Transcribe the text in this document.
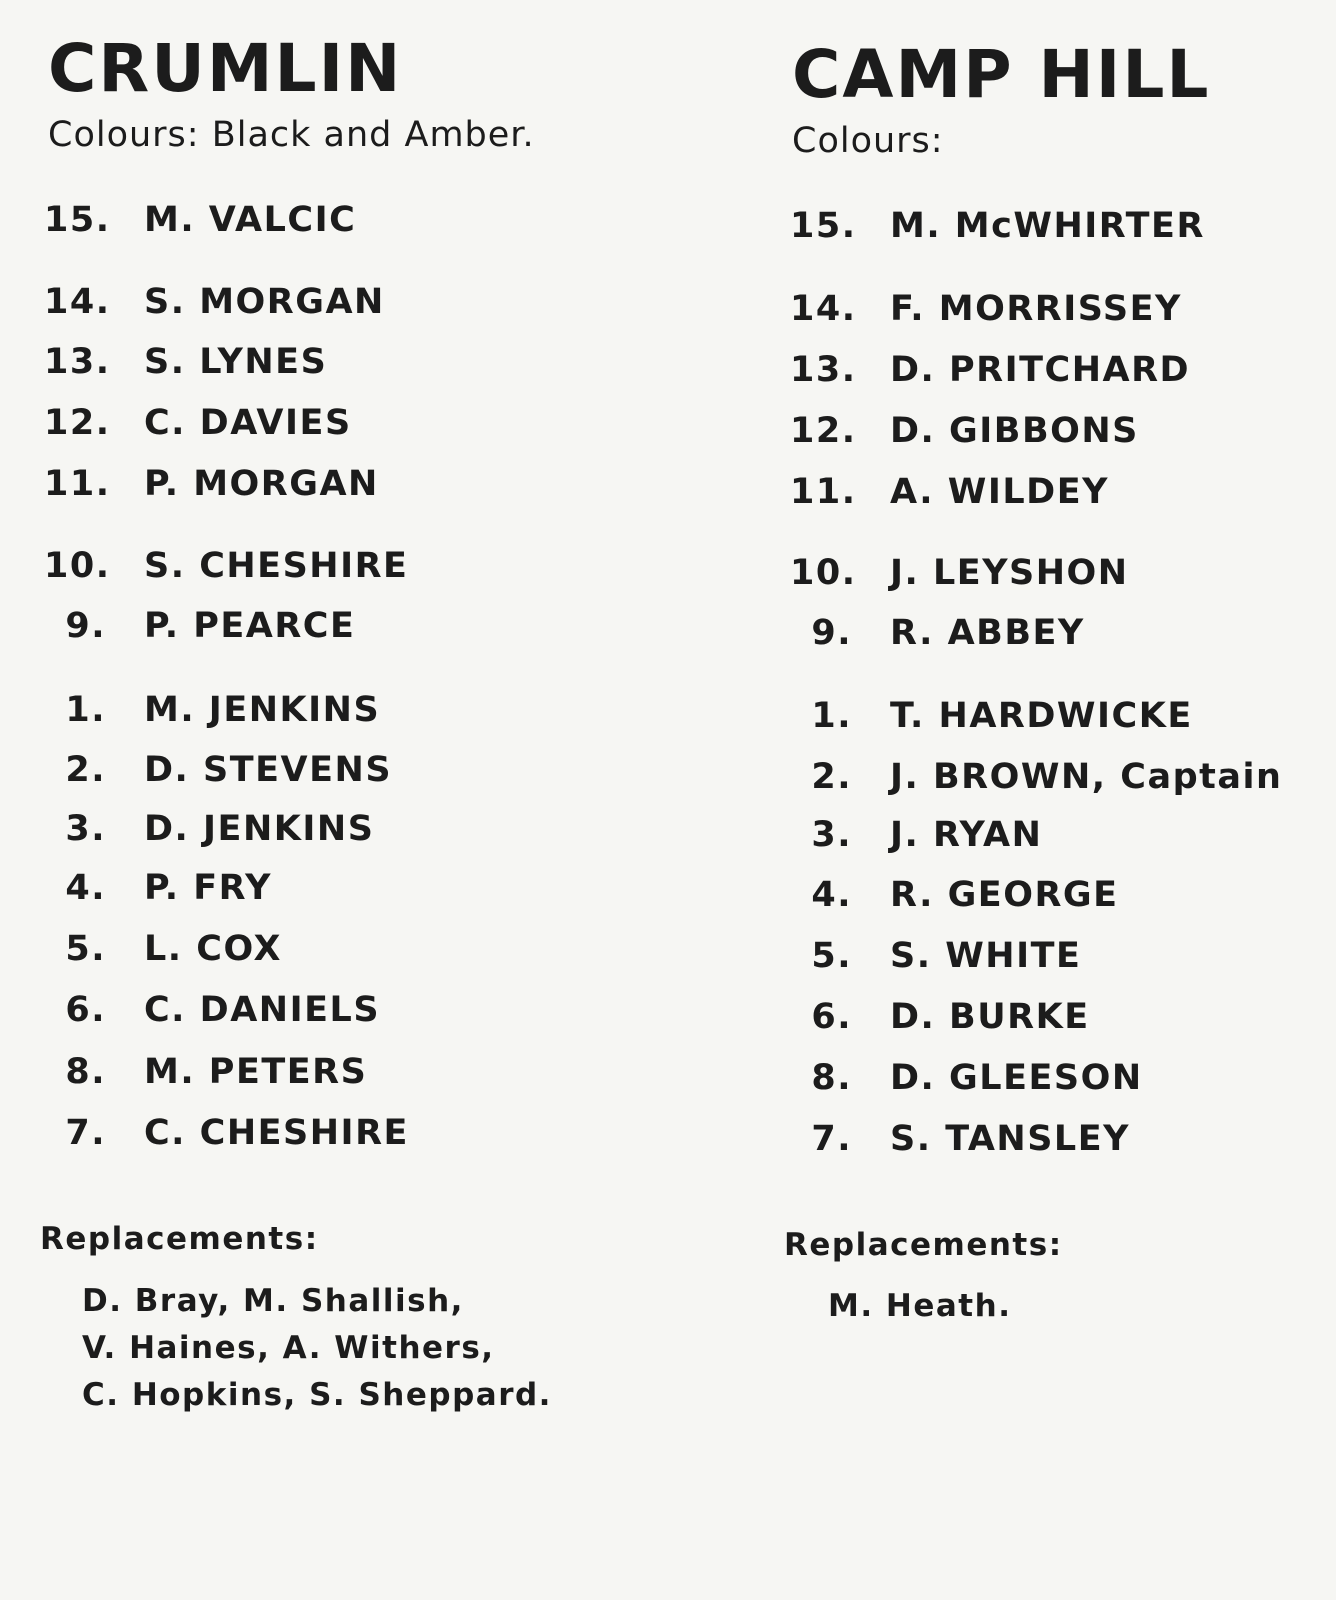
CRUMLIN
Colours: Black and Amber.
15. M. VALCIC
14. S. MORGAN
13. S. LYNES
12. C. DAVIES
11. P. MORGAN
10. S. CHESHIRE
9. P. PEARCE
1. M. JENKINS
2. D. STEVENS
3. D. JENKINS
4. P. FRY
5. L. COX
6. C. DANIELS
8. M. PETERS
7. C. CHESHIRE
Replacements:
D. Bray, M. Shallish,
V. Haines, A. Withers,
C. Hopkins, S. Sheppard.
CAMP HILL
Colours:
15. M. McWHIRTER
14. F. MORRISSEY
13. D. PRITCHARD
12. D. GIBBONS
11. A. WILDEY
10. J. LEYSHON
9. R. ABBEY
1. T. HARDWICKE
2. J. BROWN, Captain
3. J. RYAN
4. R. GEORGE
5. S. WHITE
6. D. BURKE
8. D. GLEESON
7. S. TANSLEY
Replacements:
M. Heath.
